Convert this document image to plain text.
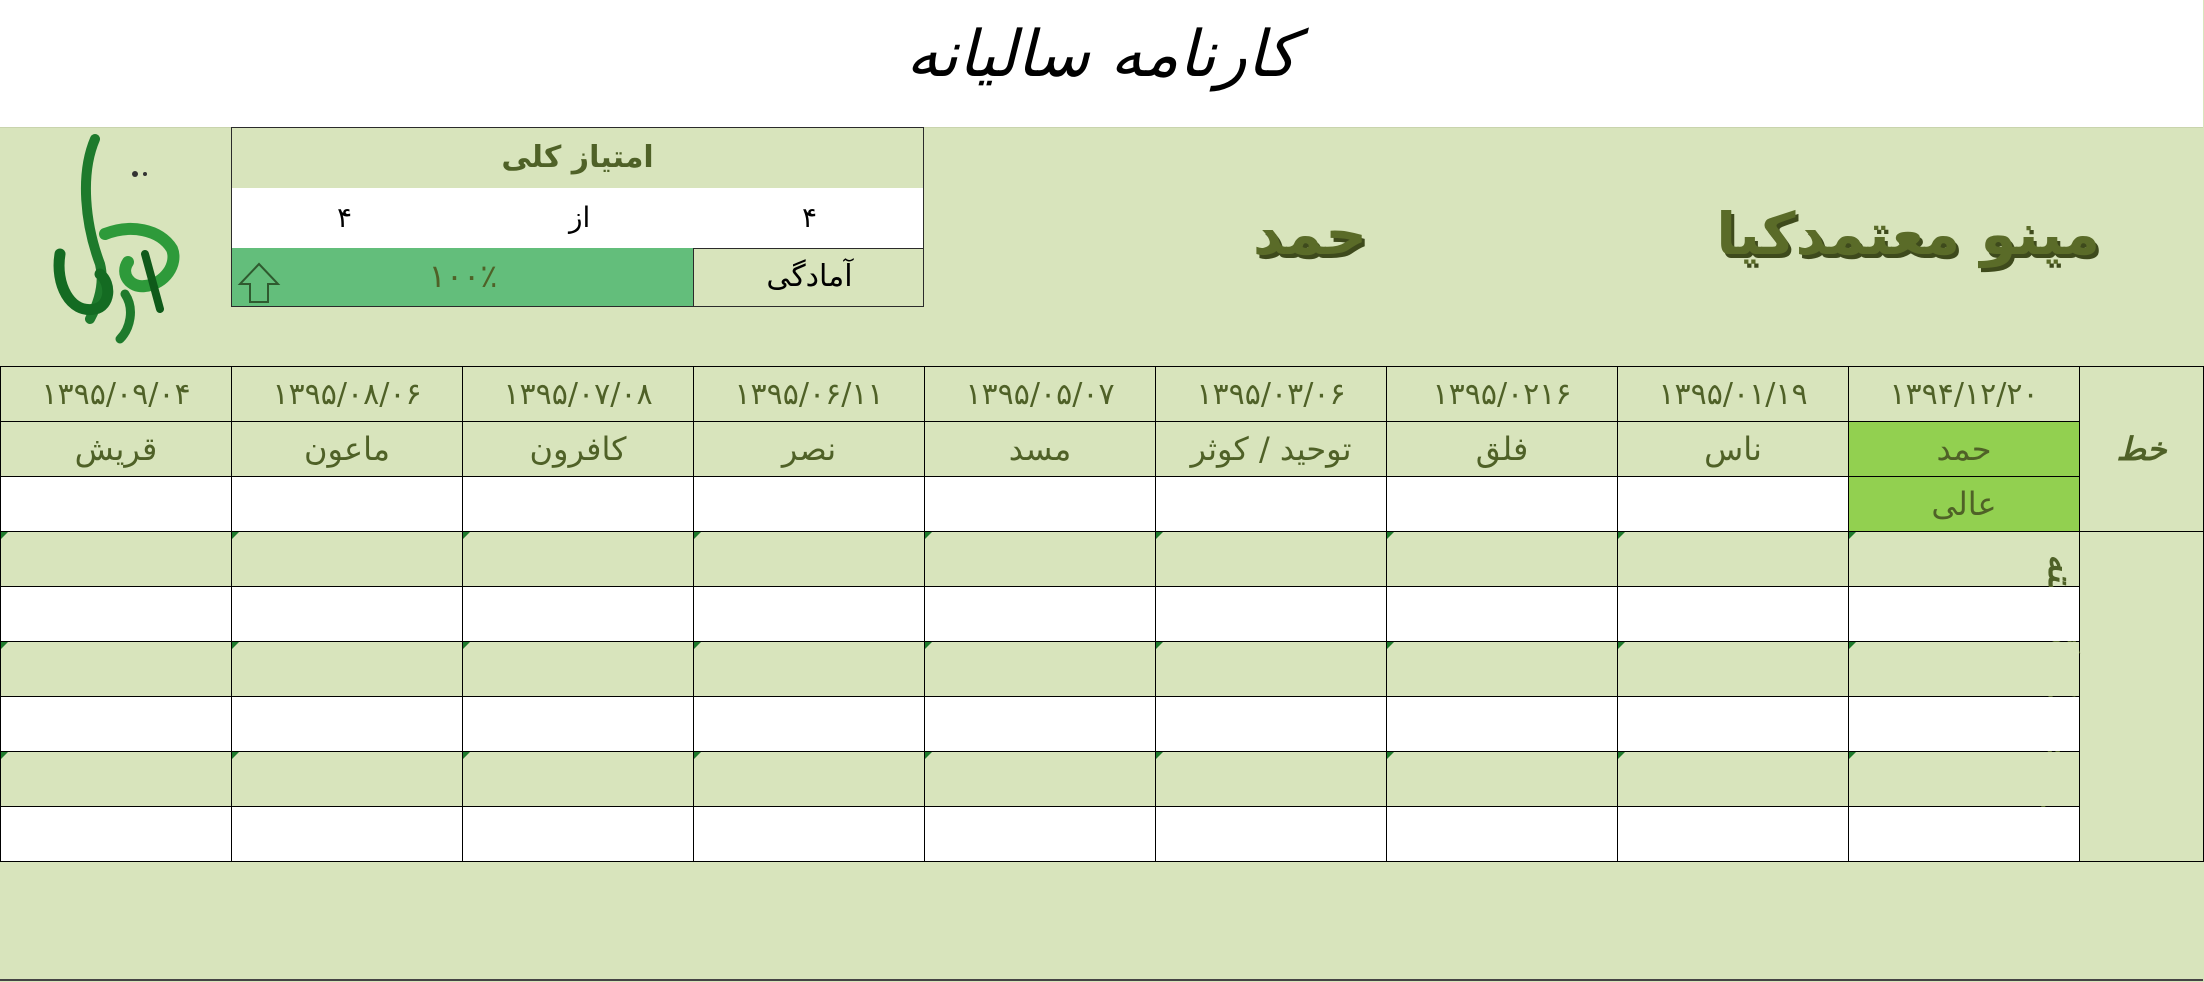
کارنامه سالیانه
مینو معتمدکیا
حمد
امتیاز کلی
۴	از	۴
۱۰۰٪	آمادگی
۱۳۹۵/۰۹/۰۴	۱۳۹۵/۰۸/۰۶	۱۳۹۵/۰۷/۰۸	۱۳۹۵/۰۶/۱۱	۱۳۹۵/۰۵/۰۷	۱۳۹۵/۰۳/۰۶	۱۳۹۵/۰۲۱۶	۱۳۹۵/۰۱/۱۹	۱۳۹۴/۱۲/۲۰	خط
قریش	ماعون	کافرون	نصر	مسد	توحید / کوثر	فلق	ناس	حمد	
								عالی	
